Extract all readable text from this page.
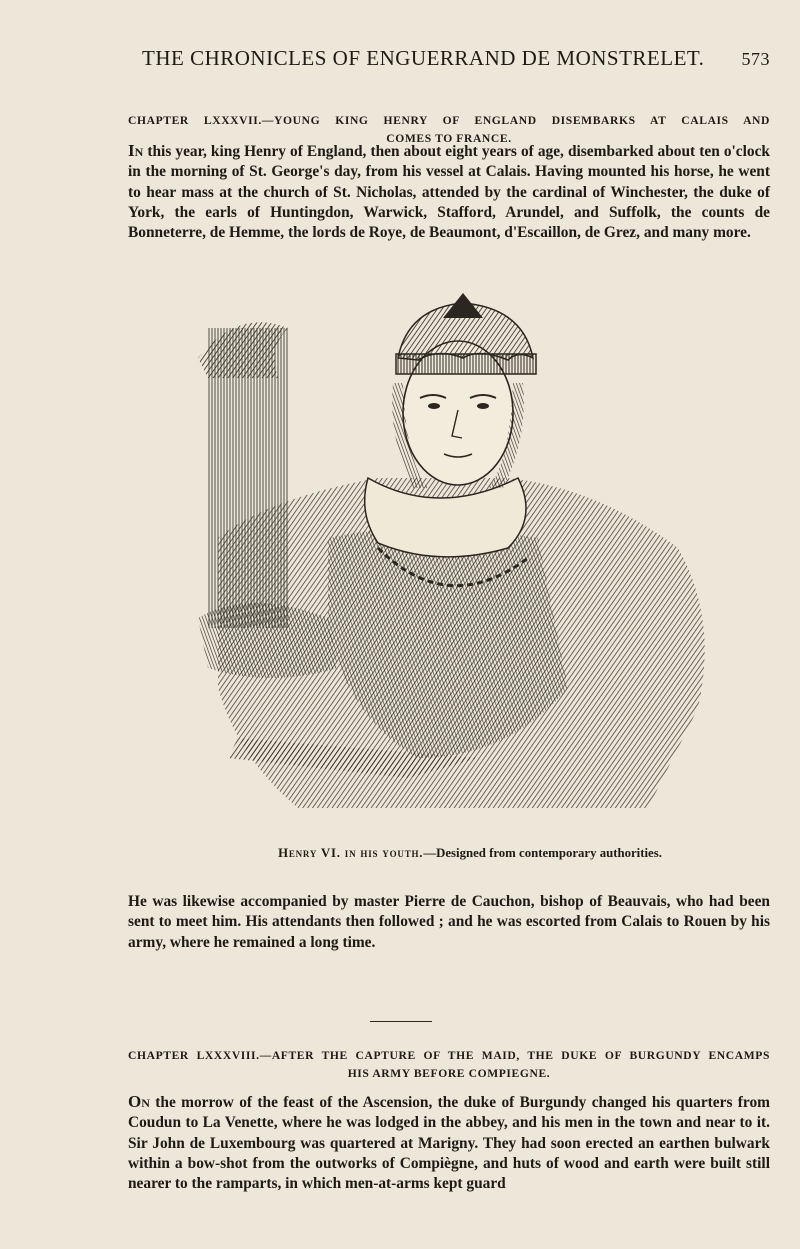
THE CHRONICLES OF ENGUERRAND DE MONSTRELET. 573
CHAPTER LXXXVII.—YOUNG KING HENRY OF ENGLAND DISEMBARKS AT CALAIS AND
COMES TO FRANCE.

In this year, king Henry of England, then about eight years of age, disembarked about ten o'clock in the morning of St. George's day, from his vessel at Calais. Having mounted his horse, he went to hear mass at the church of St. Nicholas, attended by the cardinal of Winchester, the duke of York, the earls of Huntingdon, Warwick, Stafford, Arundel, and Suffolk, the counts de Bonneterre, de Hemme, the lords de Roye, de Beaumont, d'Escaillon, de Grez, and many more.

Henry VI. in his youth.—Designed from contemporary authorities.

He was likewise accompanied by master Pierre de Cauchon, bishop of Beauvais, who had been sent to meet him. His attendants then followed ; and he was escorted from Calais to Rouen by his army, where he remained a long time.

CHAPTER LXXXVIII.—AFTER THE CAPTURE OF THE MAID, THE DUKE OF BURGUNDY ENCAMPS
HIS ARMY BEFORE COMPIEGNE.

On the morrow of the feast of the Ascension, the duke of Burgundy changed his quarters from Coudun to La Venette, where he was lodged in the abbey, and his men in the town and near to it. Sir John de Luxembourg was quartered at Marigny. They had soon erected an earthen bulwark within a bow-shot from the outworks of Compiègne, and huts of wood and earth were built still nearer to the ramparts, in which men-at-arms kept guard
